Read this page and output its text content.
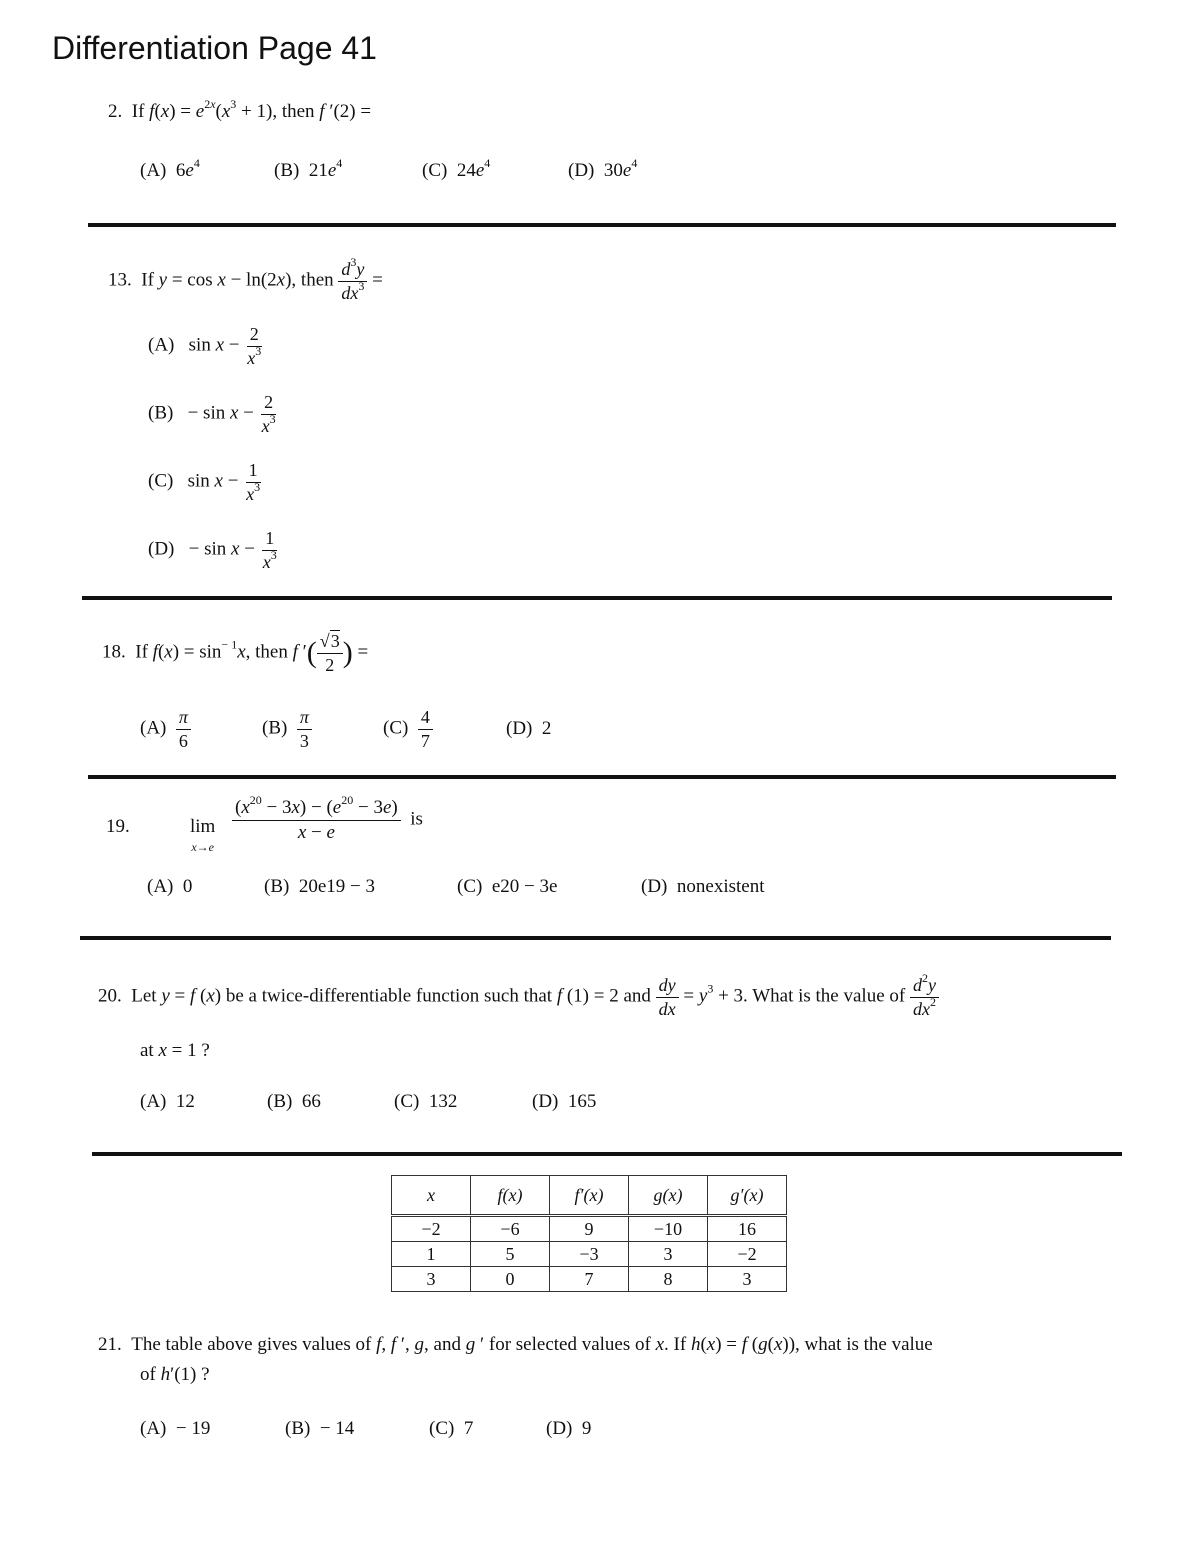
Differentiation Page 41
2.  If $f(x) = e^{2x}(x^3 + 1)$, then f ′(2) =
(A) $6e^4$	(B) $21e^4$	(C) $24e^4$	(D) $30e^4$
13.  If y = cos x − ln(2x), then $\frac{d^3y}{dx^3}$ =
(A) $\sin x - \frac{2}{x^3}$
$(B) - \sin x - \frac{2}{x^3}$
(C) $\sin x - \frac{1}{x^3}$
$(D) - \sin x - \frac{1}{x^3}$
18.  If $f(x) = \sin^{- 1}x$, then f ′( $\frac{√3}{2}$ ) =
$(A) \frac{\pi}{6}$	$(B) \frac{\pi}{3}$	$(C) \frac{4}{7}$	(D) 2
19.	lim
x→e
$\frac{(x^{20} - 3x) - (e^{20} - 3e)}{x - e}$ is
(A) 0	(B) 20e19 − 3	(C) e20 − 3e	(D) nonexistent
20.  Let y = f (x) be a twice-differentiable function such that f (1) = 2 and $\frac{dy}{dx} = y^3 + 3$. What is the value of $\frac{d^2y}{dx^2}$
at x = 1 ?
(A) 12	(B) 66	(C) 132	(D) 165
x	f(x)	f′(x)	g(x)	g′(x)
−2	−6	9	−10	16
1	5	−3	3	−2
3	0	7	8	3
21.  The table above gives values of f, f ′, g, and g ′ for selected values of x. If h(x) = f (g(x)), what is the value
of h′(1) ?
(A) − 19	(B) − 14	(C) 7	(D) 9
